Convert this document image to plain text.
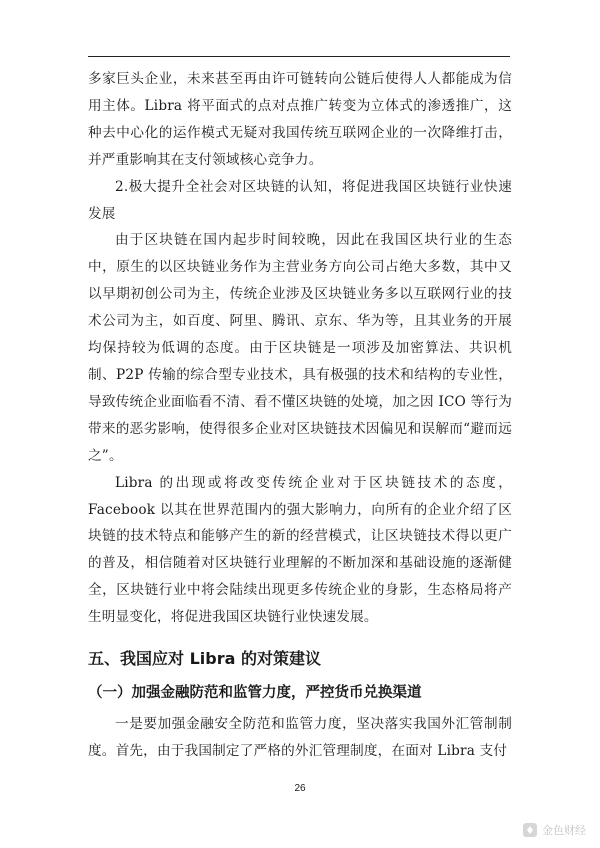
多家巨头企业，未来甚至再由许可链转向公链后使得人人都能成为信用主体。Libra 将平面式的点对点推广转变为立体式的渗透推广，这种去中心化的运作模式无疑对我国传统互联网企业的一次降维打击，并严重影响其在支付领域核心竞争力。

2.极大提升全社会对区块链的认知，将促进我国区块链行业快速发展

由于区块链在国内起步时间较晚，因此在我国区块行业的生态中，原生的以区块链业务作为主营业务方向公司占绝大多数，其中又以早期初创公司为主，传统企业涉及区块链业务多以互联网行业的技术公司为主，如百度、阿里、腾讯、京东、华为等，且其业务的开展均保持较为低调的态度。由于区块链是一项涉及加密算法、共识机制、P2P 传输的综合型专业技术，具有极强的技术和结构的专业性，导致传统企业面临看不清、看不懂区块链的处境，加之因 ICO 等行为带来的恶劣影响，使得很多企业对区块链技术因偏见和误解而“避而远之”。

Libra 的出现或将改变传统企业对于区块链技术的态度，Facebook 以其在世界范围内的强大影响力，向所有的企业介绍了区块链的技术特点和能够产生的新的经营模式，让区块链技术得以更广的普及，相信随着对区块链行业理解的不断加深和基础设施的逐渐健全，区块链行业中将会陆续出现更多传统企业的身影，生态格局将产生明显变化，将促进我国区块链行业快速发展。

五、我国应对 Libra 的对策建议
（一）加强金融防范和监管力度，严控货币兑换渠道

一是要加强金融安全防范和监管力度，坚决落实我国外汇管制制度。首先，由于我国制定了严格的外汇管理制度，在面对 Libra 支付

26
金色财经
